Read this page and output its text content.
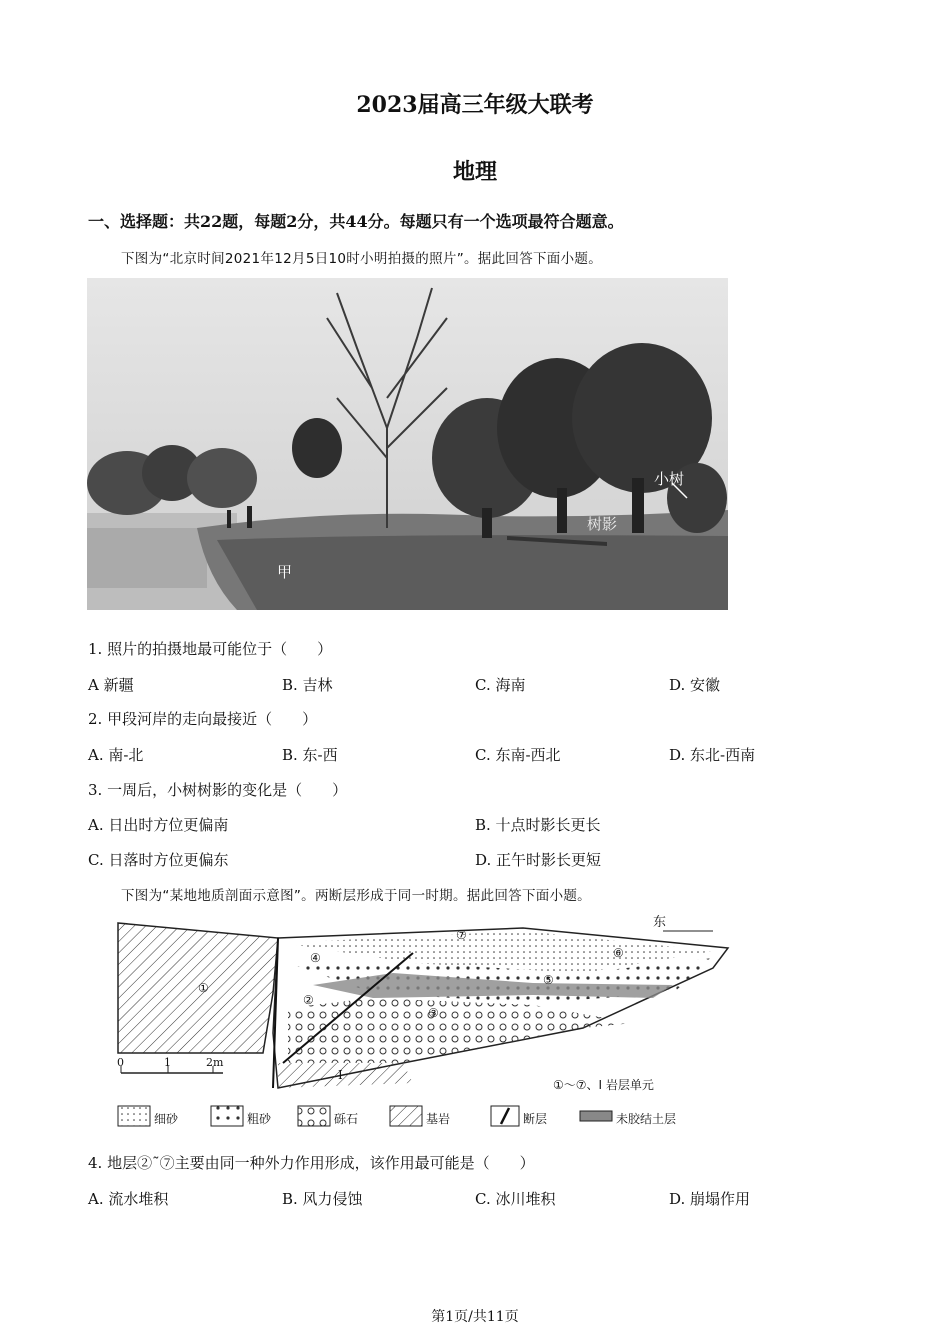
2023届高三年级大联考
地理
一、选择题：共22题，每题2分，共44分。每题只有一个选项最符合题意。
下图为“北京时间2021年12月5日10时小明拍摄的照片”。据此回答下面小题。
甲
小树
树影
1. 照片的拍摄地最可能位于（　　）
A 新疆	B. 吉林	C. 海南	D. 安徽
2. 甲段河岸的走向最接近（　　）
A. 南-北	B. 东-西	C. 东南-西北	D. 东北-西南
3. 一周后，小树树影的变化是（　　）
A. 日出时方位更偏南	B. 十点时影长更长
C. 日落时方位更偏东	D. 正午时影长更短
下图为“某地地质剖面示意图”。两断层形成于同一时期。据此回答下面小题。
东
0	1	2m
①～⑦、Ⅰ 岩层单元
①
②
③
④
⑤
⑥
⑦
Ⅰ
细砂	粗砂	砾石	基岩	断层	未胶结土层
4. 地层②˜⑦主要由同一种外力作用形成，该作用最可能是（　　）
A. 流水堆积	B. 风力侵蚀	C. 冰川堆积	D. 崩塌作用
第1页/共11页
